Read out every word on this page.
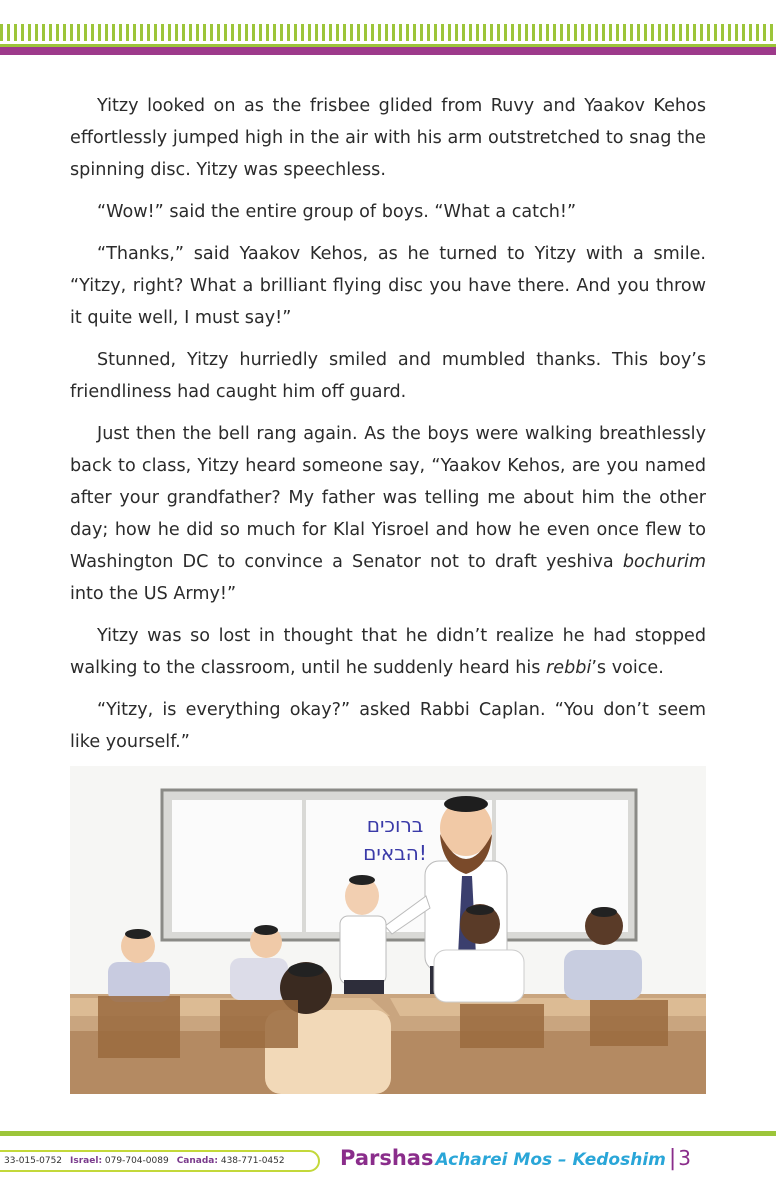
Yitzy looked on as the frisbee glided from Ruvy and Yaakov Kehos effortlessly jumped high in the air with his arm outstretched to snag the spinning disc. Yitzy was speechless.

“Wow!” said the entire group of boys. “What a catch!”

“Thanks,” said Yaakov Kehos, as he turned to Yitzy with a smile. “Yitzy, right? What a brilliant flying disc you have there. And you throw it quite well, I must say!”

Stunned, Yitzy hurriedly smiled and mumbled thanks. This boy’s friendliness had caught him off guard.

Just then the bell rang again. As the boys were walking breathlessly back to class, Yitzy heard someone say, “Yaakov Kehos, are you named after your grandfather? My father was telling me about him the other day; how he did so much for Klal Yisroel and how he even once flew to Washington DC to convince a Senator not to draft yeshiva bochurim into the US Army!”

Yitzy was so lost in thought that he didn’t realize he had stopped walking to the classroom, until he suddenly heard his rebbi’s voice.

“Yitzy, is everything okay?” asked Rabbi Caplan. “You don’t seem like yourself.”

ברוכים
הבאים!
33-015-0752 Israel: 079-704-0089 Canada: 438-771-0452	Parshas Acharei Mos – Kedoshim | 3
